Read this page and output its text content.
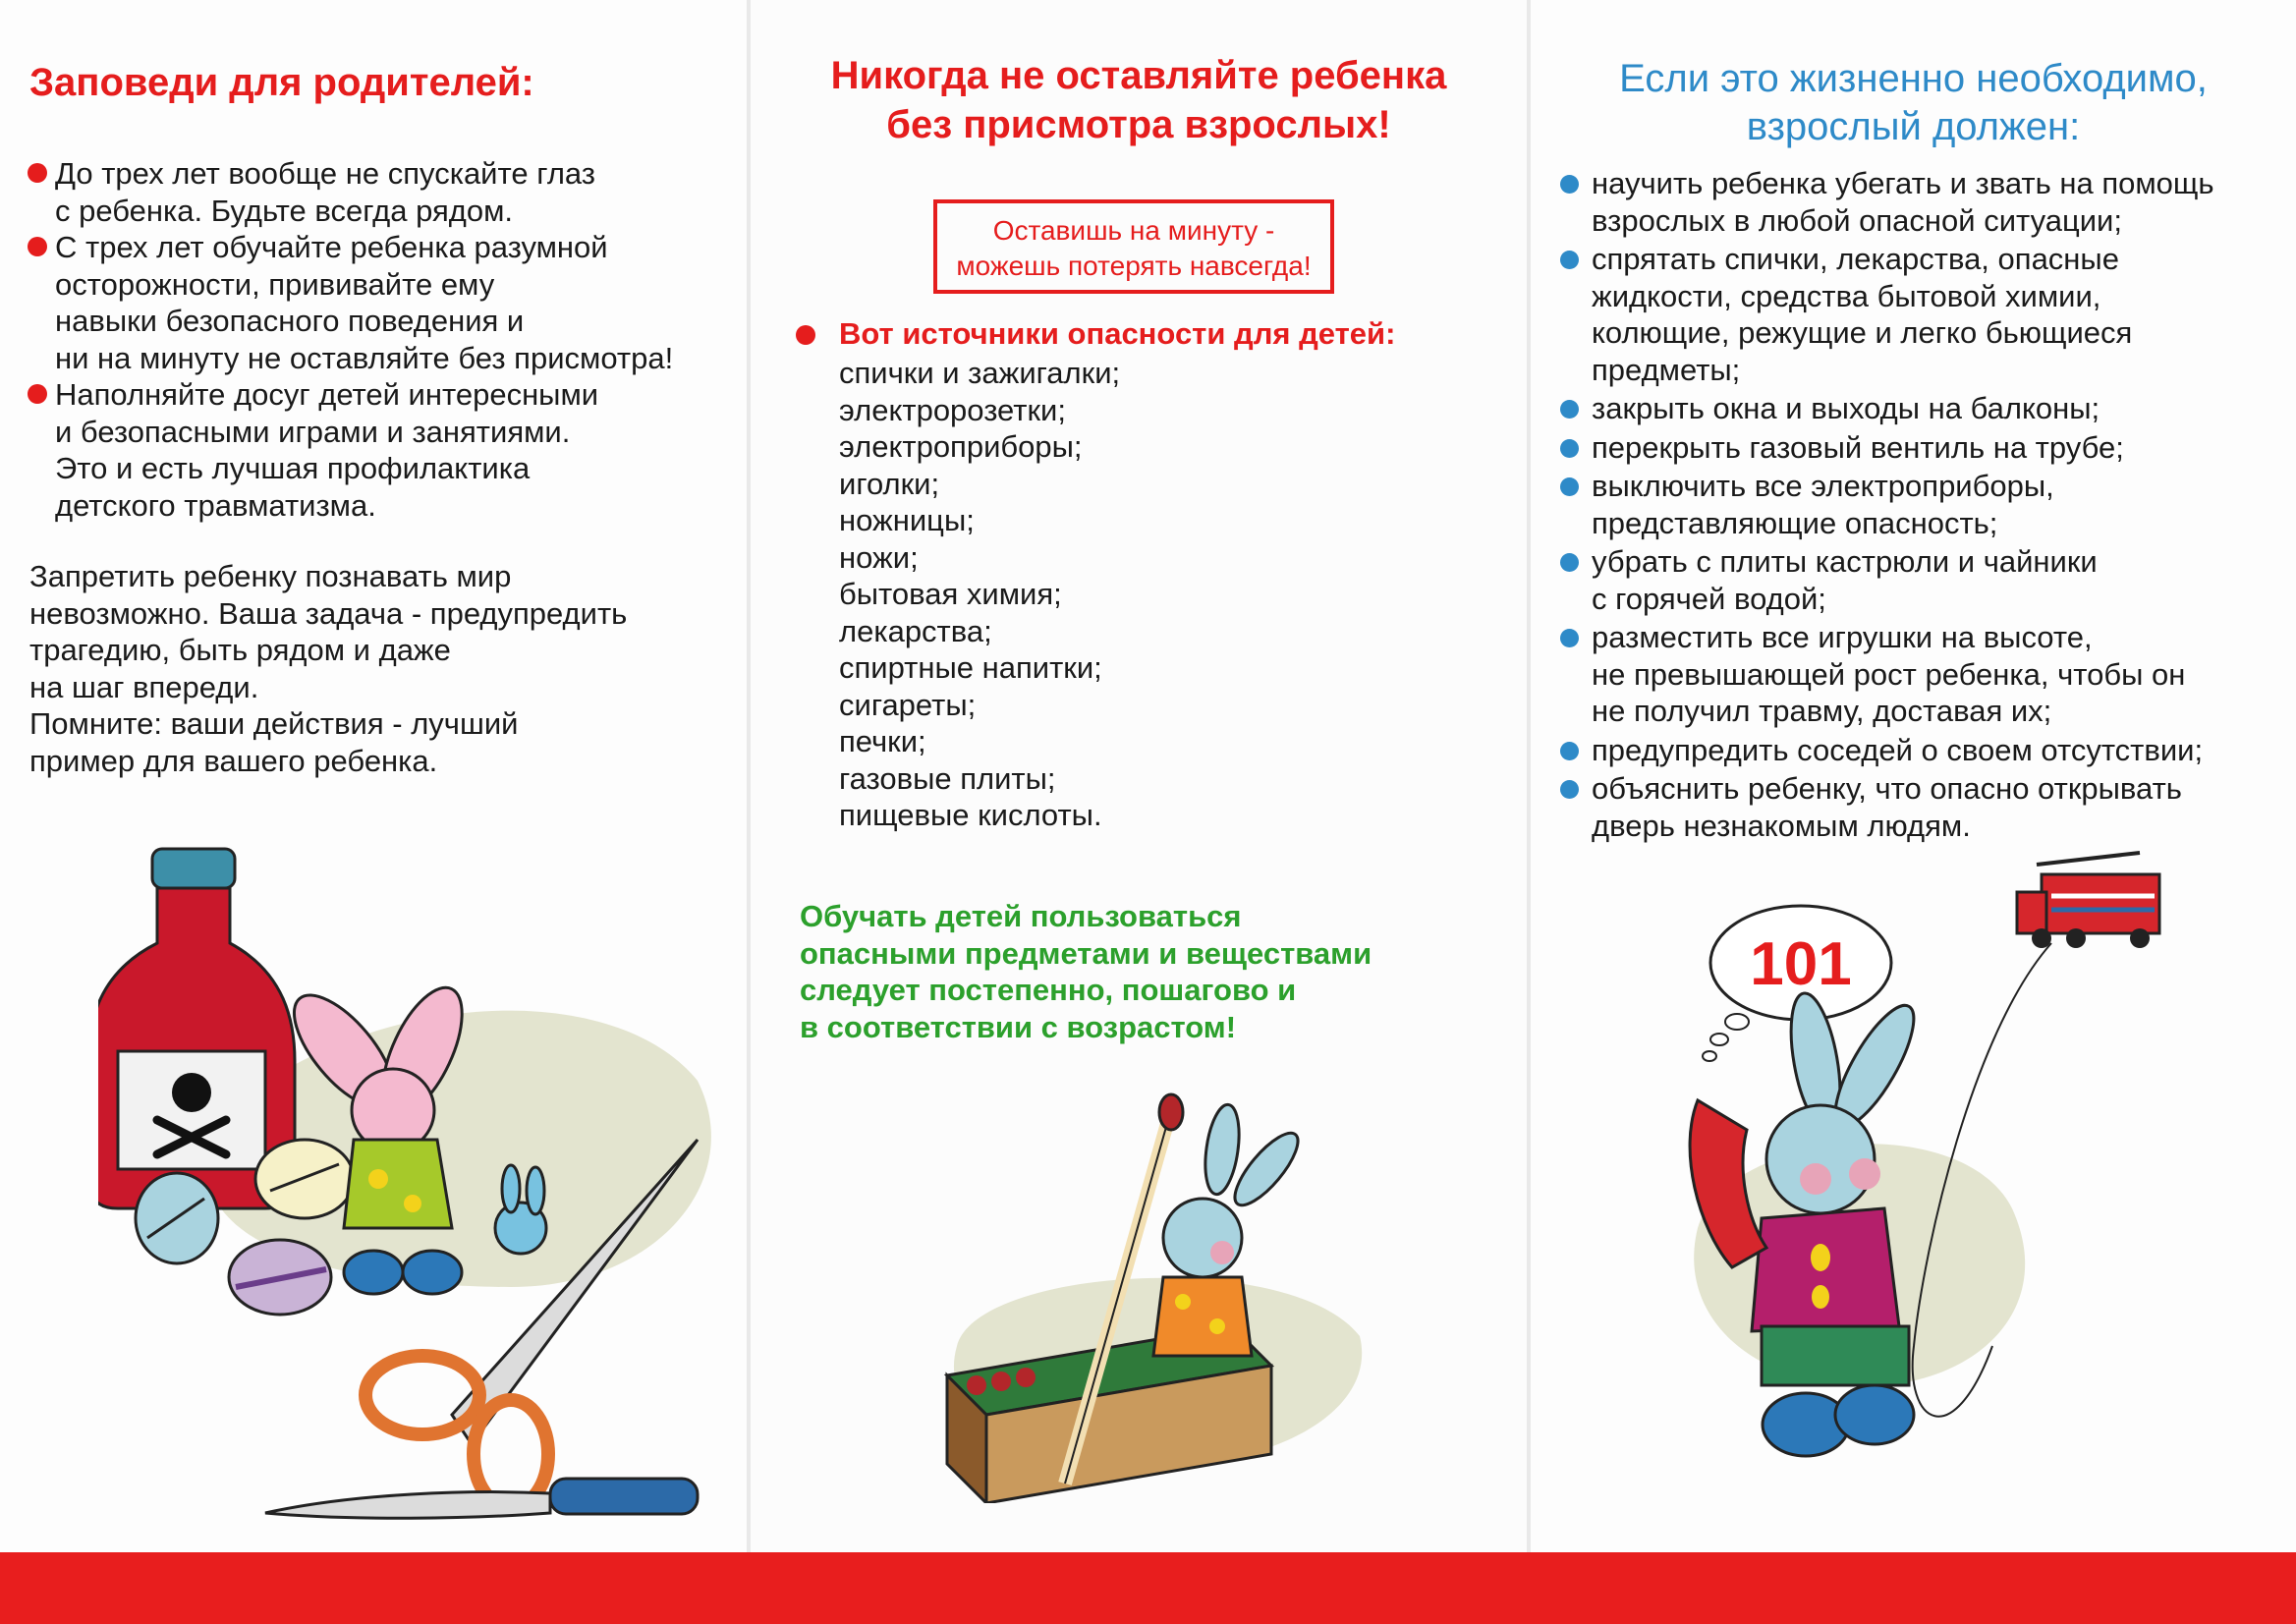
Заповеди для родителей:
До трех лет вообще не спускайте глаз
с ребенка. Будьте всегда рядом.
С трех лет обучайте ребенка разумной
осторожности, прививайте ему
навыки безопасного поведения и
ни на минуту не оставляйте без присмотра!
Наполняйте досуг детей интересными
и безопасными играми и занятиями.
Это и есть лучшая профилактика
детского травматизма.
Запретить ребенку познавать мир
невозможно. Ваша задача - предупредить
трагедию, быть рядом и даже
на шаг впереди.
Помните: ваши действия - лучший
пример для вашего ребенка.
Никогда не оставляйте ребенка
без присмотра взрослых!
Оставишь на минуту -
можешь потерять навсегда!
Вот источники опасности для детей:
спички и зажигалки;
электророзетки;
электроприборы;
иголки;
ножницы;
ножи;
бытовая химия;
лекарства;
спиртные напитки;
сигареты;
печки;
газовые плиты;
пищевые кислоты.
Обучать детей пользоваться
опасными предметами и веществами
следует постепенно, пошагово и
в соответствии с возрастом!
Если это жизненно необходимо,
взрослый должен:
научить ребенка убегать и звать на помощь
взрослых в любой опасной ситуации;
спрятать спички, лекарства, опасные
жидкости, средства бытовой химии,
колющие, режущие и легко бьющиеся
предметы;
закрыть окна и выходы на балконы;
перекрыть газовый вентиль на трубе;
выключить все электроприборы,
представляющие опасность;
убрать с плиты кастрюли и чайники
с горячей водой;
разместить все игрушки на высоте,
не превышающей рост ребенка, чтобы он
не получил травму, доставая их;
предупредить соседей о своем отсутствии;
объяснить ребенку, что опасно открывать
дверь незнакомым людям.
101
